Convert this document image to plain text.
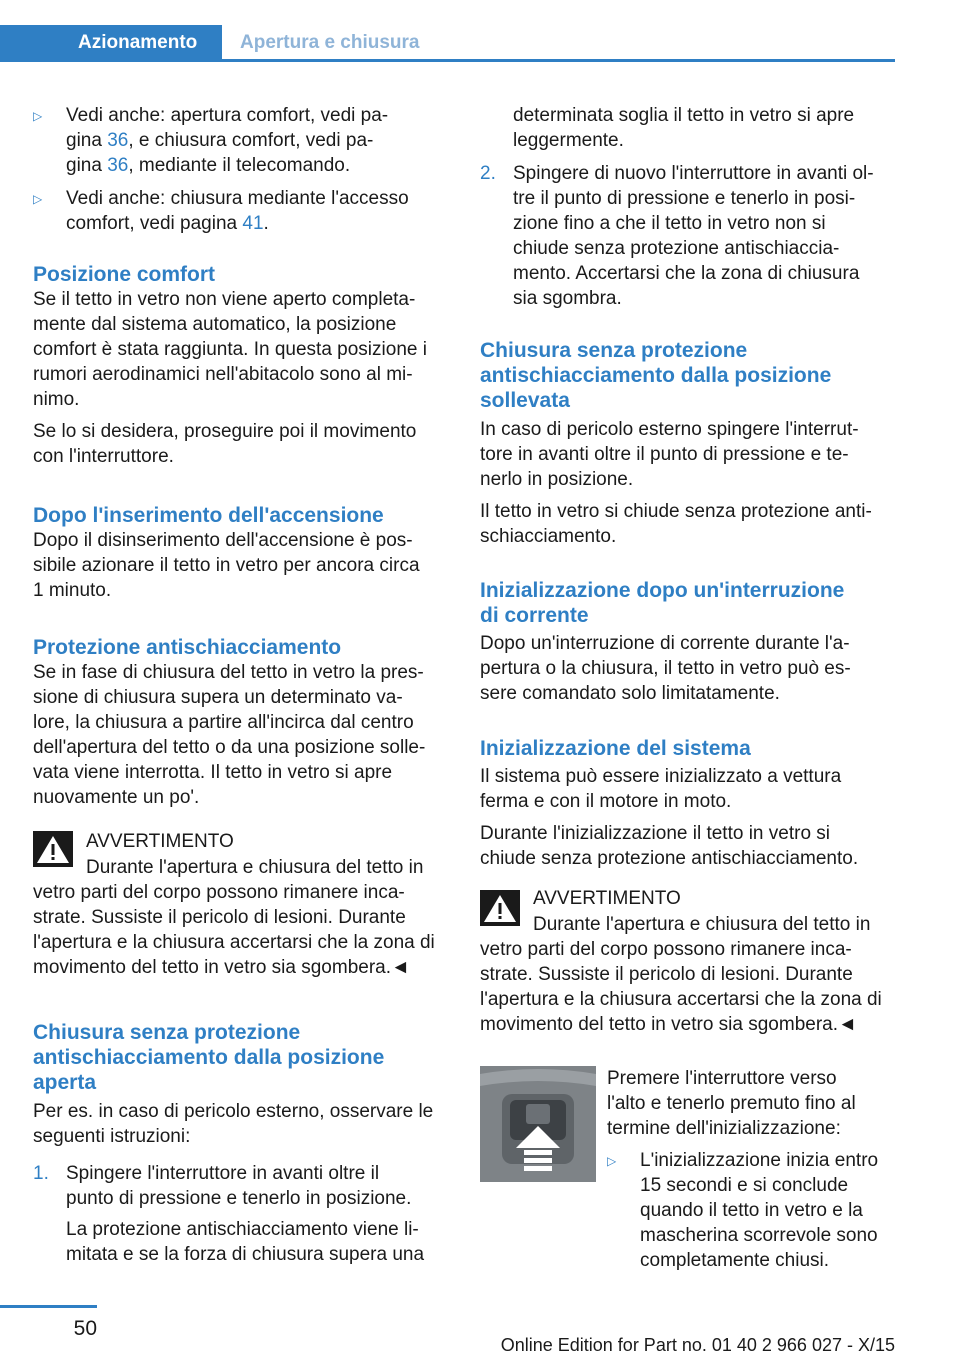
Azionamento	Apertura e chiusura
▷ Vedi anche: apertura comfort, vedi pa‐
gina 36, e chiusura comfort, vedi pa‐
gina 36, mediante il telecomando.
▷ Vedi anche: chiusura mediante l'accesso
comfort, vedi pagina 41.
Posizione comfort

Se il tetto in vetro non viene aperto completa‐
mente dal sistema automatico, la posizione
comfort è stata raggiunta. In questa posizione i
rumori aerodinamici nell'abitacolo sono al mi‐
nimo.

Se lo si desidera, proseguire poi il movimento
con l'interruttore.

Dopo l'inserimento dell'accensione

Dopo il disinserimento dell'accensione è pos‐
sibile azionare il tetto in vetro per ancora circa
1 minuto.

Protezione antischiacciamento

Se in fase di chiusura del tetto in vetro la pres‐
sione di chiusura supera un determinato va‐
lore, la chiusura a partire all'incirca dal centro
dell'apertura del tetto o da una posizione solle‐
vata viene interrotta. Il tetto in vetro si apre
nuovamente un po'.

AVVERTIMENTO

Durante l'apertura e chiusura del tetto in

vetro parti del corpo possono rimanere inca‐
strate. Sussiste il pericolo di lesioni. Durante
l'apertura e la chiusura accertarsi che la zona di
movimento del tetto in vetro sia sgombera.◄

Chiusura senza protezione
antischiacciamento dalla posizione
aperta

Per es. in caso di pericolo esterno, osservare le
seguenti istruzioni:

1. Spingere l'interruttore in avanti oltre il
punto di pressione e tenerlo in posizione.
La protezione antischiacciamento viene li‐
mitata e se la forza di chiusura supera una

determinata soglia il tetto in vetro si apre
leggermente.

2. Spingere di nuovo l'interruttore in avanti ol‐
tre il punto di pressione e tenerlo in posi‐
zione fino a che il tetto in vetro non si
chiude senza protezione antischiaccia‐
mento. Accertarsi che la zona di chiusura
sia sgombra.
Chiusura senza protezione
antischiacciamento dalla posizione
sollevata

In caso di pericolo esterno spingere l'interrut‐
tore in avanti oltre il punto di pressione e te‐
nerlo in posizione.

Il tetto in vetro si chiude senza protezione anti‐
schiacciamento.

Inizializzazione dopo un'interruzione
di corrente

Dopo un'interruzione di corrente durante l'a‐
pertura o la chiusura, il tetto in vetro può es‐
sere comandato solo limitatamente.

Inizializzazione del sistema

Il sistema può essere inizializzato a vettura
ferma e con il motore in moto.

Durante l'inizializzazione il tetto in vetro si
chiude senza protezione antischiacciamento.

AVVERTIMENTO

Durante l'apertura e chiusura del tetto in

vetro parti del corpo possono rimanere inca‐
strate. Sussiste il pericolo di lesioni. Durante
l'apertura e la chiusura accertarsi che la zona di
movimento del tetto in vetro sia sgombera.◄

Premere l'interruttore verso
l'alto e tenerlo premuto fino al
termine dell'inizializzazione:

▷ L'inizializzazione inizia entro
15 secondi e si conclude
quando il tetto in vetro e la
mascherina scorrevole sono
completamente chiusi.
50
Online Edition for Part no. 01 40 2 966 027 - X/15
